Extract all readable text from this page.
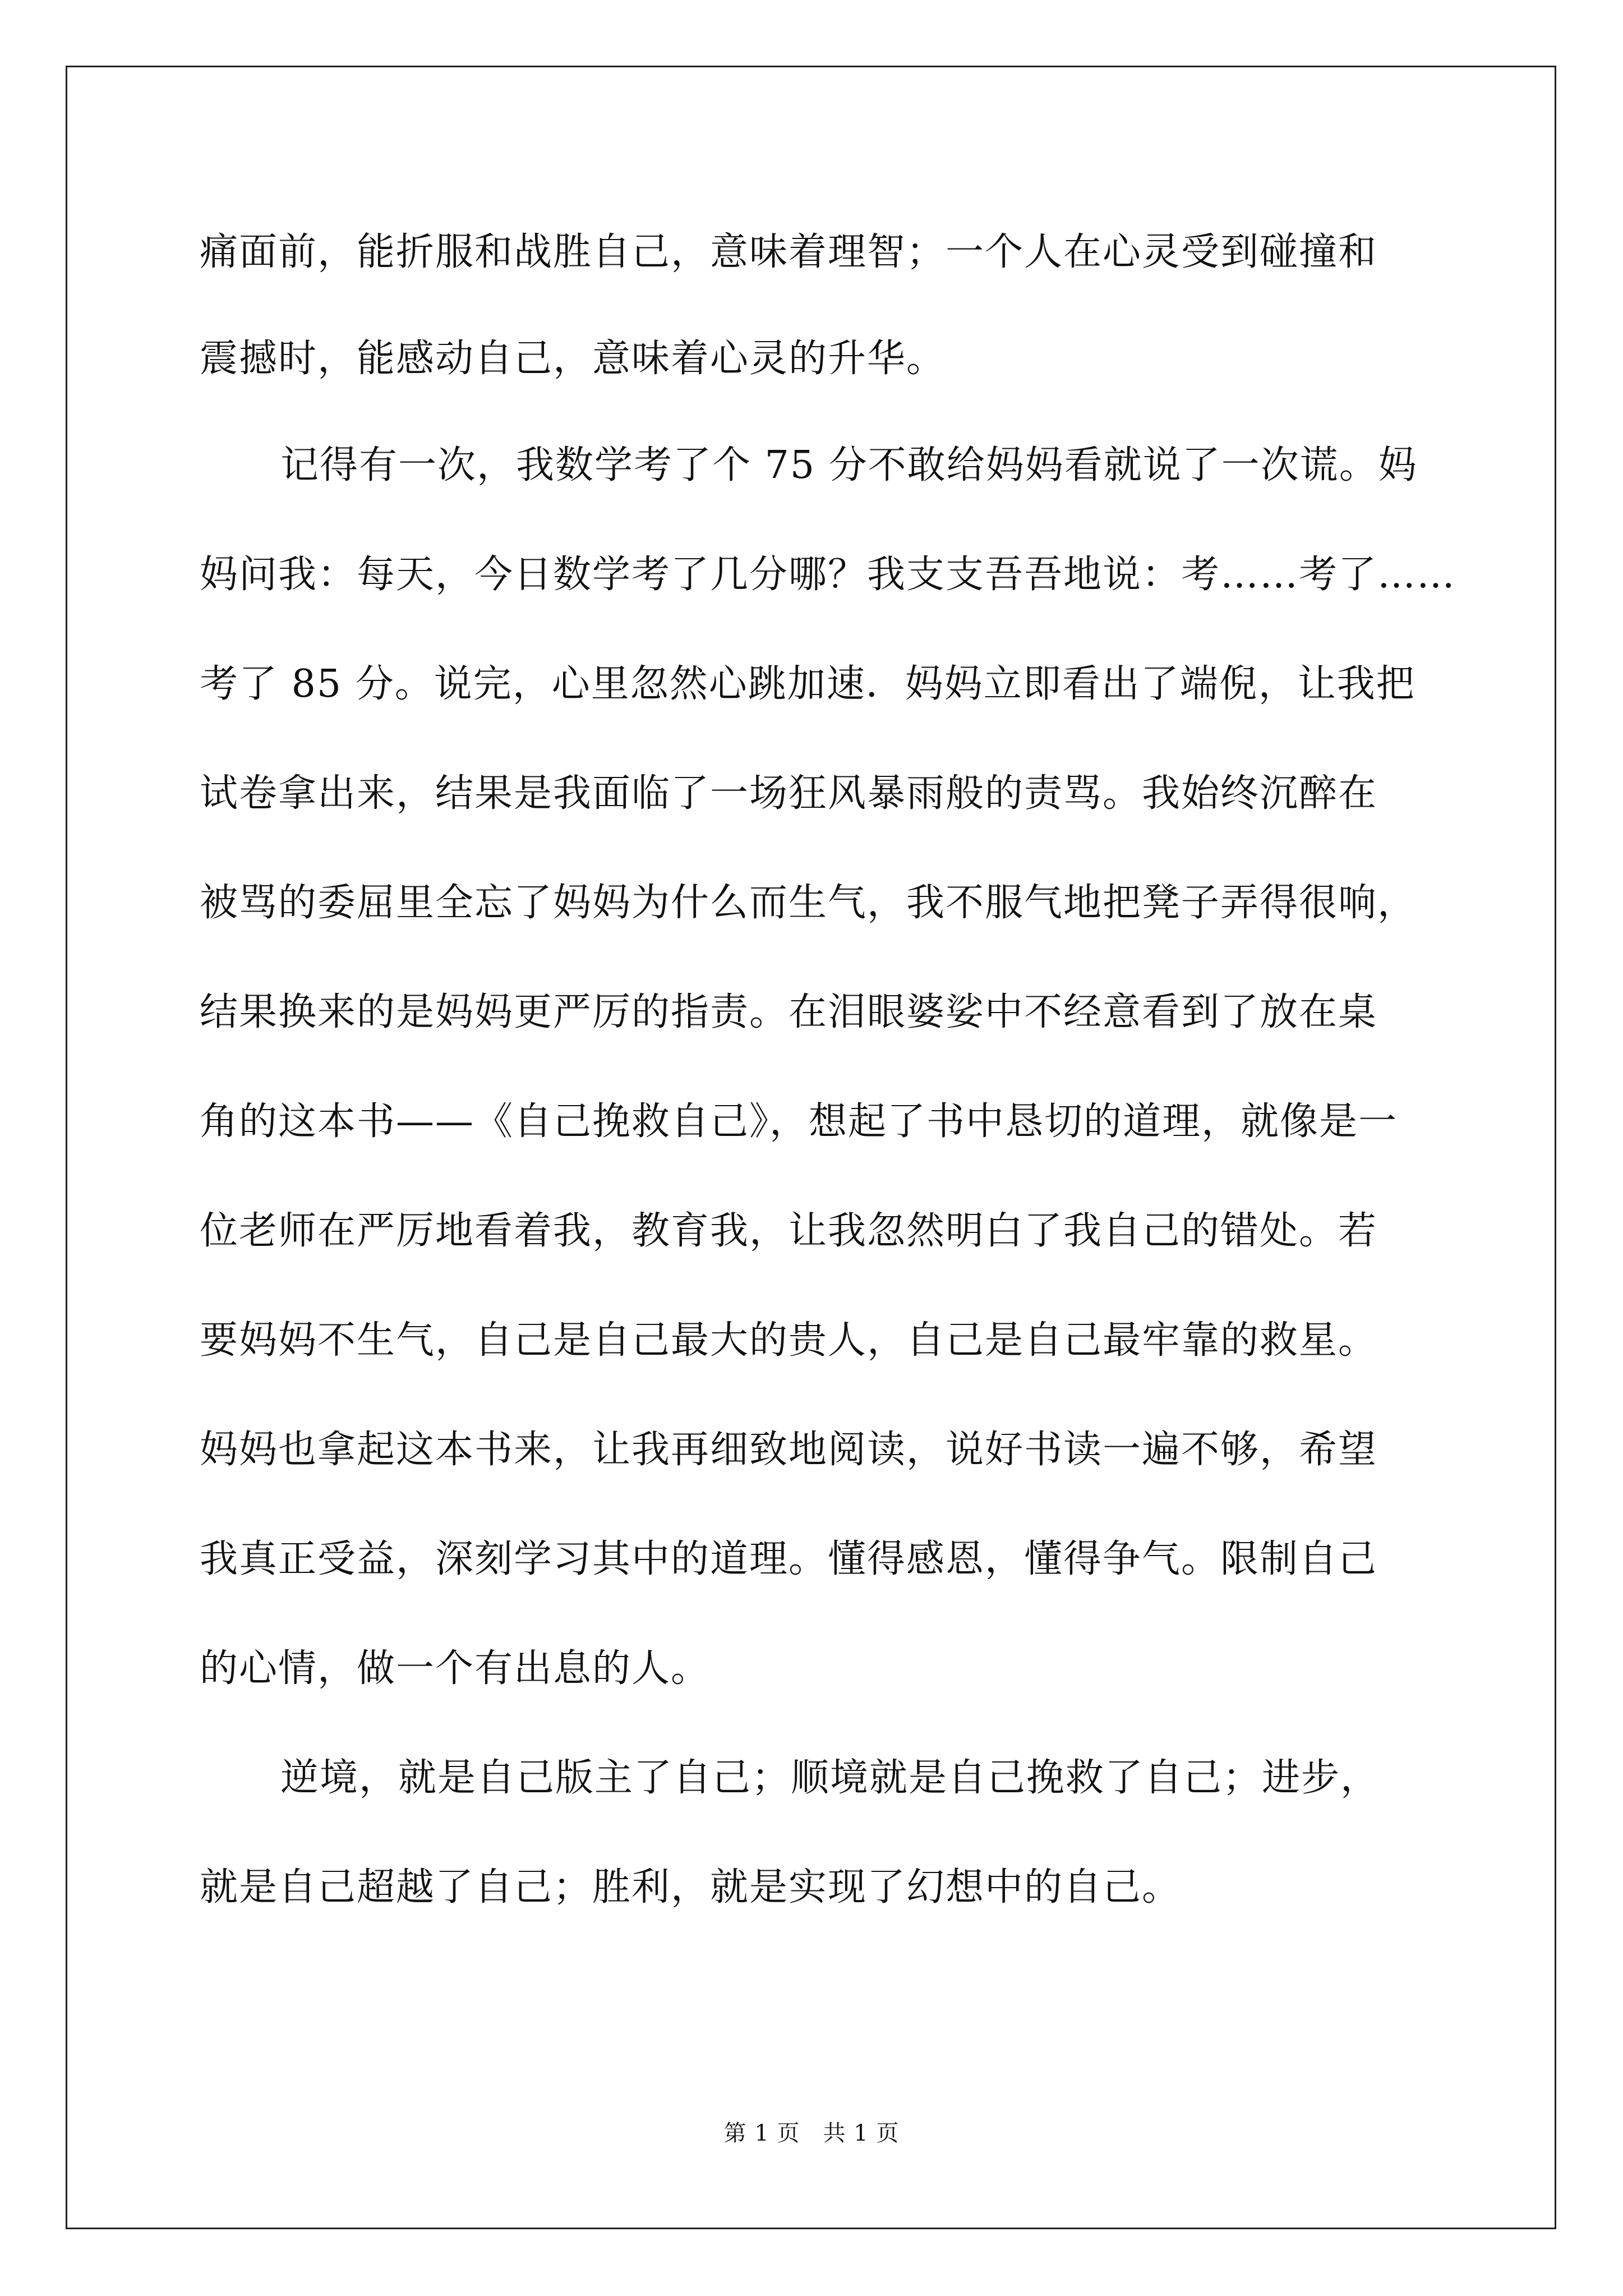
痛面前，能折服和战胜自己，意味着理智；一个人在心灵受到碰撞和
震撼时，能感动自己，意味着心灵的升华。
记得有一次，我数学考了个 75 分不敢给妈妈看就说了一次谎。妈
妈问我：每天，今日数学考了几分哪？我支支吾吾地说：考……考了……
考了 85 分。说完，心里忽然心跳加速．妈妈立即看出了端倪，让我把
试卷拿出来，结果是我面临了一场狂风暴雨般的责骂。我始终沉醉在
被骂的委屈里全忘了妈妈为什么而生气，我不服气地把凳子弄得很响，
结果换来的是妈妈更严厉的指责。在泪眼婆娑中不经意看到了放在桌
角的这本书——《自己挽救自己》，想起了书中恳切的道理，就像是一
位老师在严厉地看着我，教育我，让我忽然明白了我自己的错处。若
要妈妈不生气，自己是自己最大的贵人，自己是自己最牢靠的救星。
妈妈也拿起这本书来，让我再细致地阅读，说好书读一遍不够，希望
我真正受益，深刻学习其中的道理。懂得感恩，懂得争气。限制自己
的心情，做一个有出息的人。
逆境，就是自己版主了自己；顺境就是自己挽救了自己；进步，
就是自己超越了自己；胜利，就是实现了幻想中的自己。
第 1 页　共 1 页
